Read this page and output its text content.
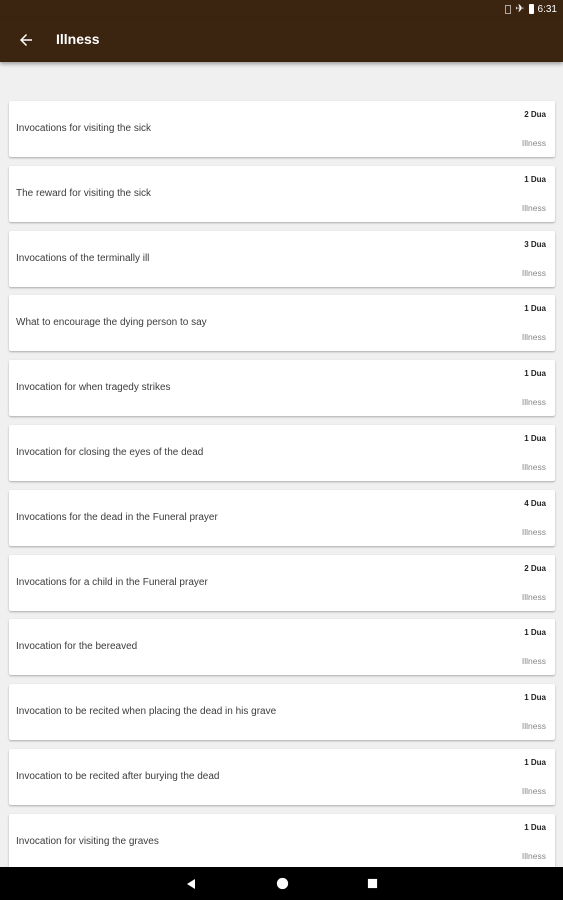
✈ 6:31
Illness
Invocations for visiting the sick
2 Dua
Illness
The reward for visiting the sick
1 Dua
Illness
Invocations of the terminally ill
3 Dua
Illness
What to encourage the dying person to say
1 Dua
Illness
Invocation for when tragedy strikes
1 Dua
Illness
Invocation for closing the eyes of the dead
1 Dua
Illness
Invocations for the dead in the Funeral prayer
4 Dua
Illness
Invocations for a child in the Funeral prayer
2 Dua
Illness
Invocation for the bereaved
1 Dua
Illness
Invocation to be recited when placing the dead in his grave
1 Dua
Illness
Invocation to be recited after burying the dead
1 Dua
Illness
Invocation for visiting the graves
1 Dua
Illness
